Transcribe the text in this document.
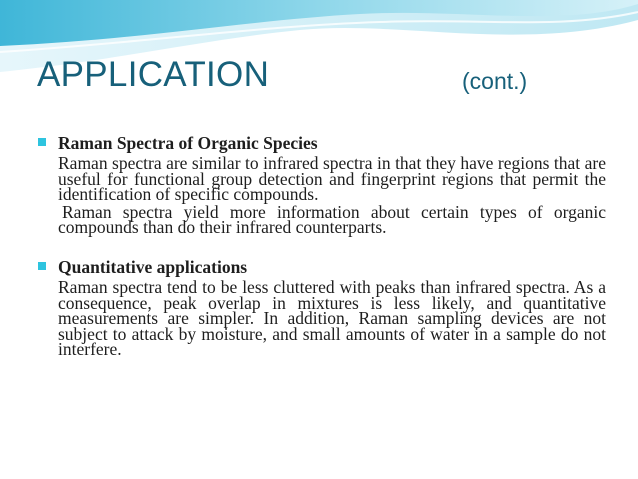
APPLICATION	(cont.)
Raman Spectra of Organic Species

Raman spectra are similar to infrared spectra in that they have regions that are useful for functional group detection and fingerprint regions that permit the identification of specific compounds.

Raman spectra yield more information about certain types of organic compounds than do their infrared counterparts.

Quantitative applications

Raman spectra tend to be less cluttered with peaks than infrared spectra. As a consequence, peak overlap in mixtures is less likely, and quantitative measurements are simpler. In addition, Raman sampling devices are not subject to attack by moisture, and small amounts of water in a sample do not interfere.
